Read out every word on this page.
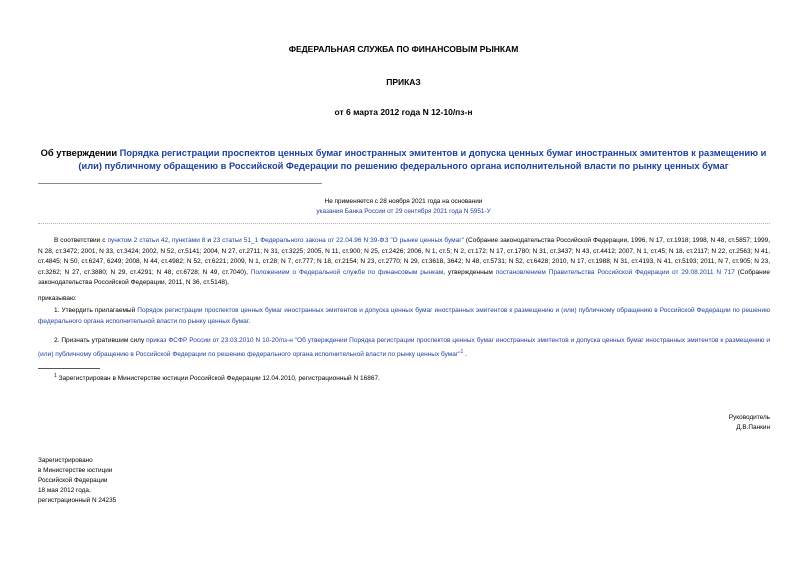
ФЕДЕРАЛЬНАЯ СЛУЖБА ПО ФИНАНСОВЫМ РЫНКАМ
ПРИКАЗ
от 6 марта 2012 года N 12-10/пз-н
Об утверждении Порядка регистрации проспектов ценных бумаг иностранных эмитентов и допуска ценных бумаг иностранных эмитентов к размещению и (или) публичному обращению в Российской Федерации по решению федерального органа исполнительной власти по рынку ценных бумаг
Не применяется с 28 ноября 2021 года на основании
указания Банка России от 29 сентября 2021 года N 5951-У
В соответствии с пунктом 2 статьи 42, пунктами 8 и 23 статьи 51_1 Федерального закона от 22.04.96 N 39-ФЗ "О рынке ценных бумаг" (Собрание законодательства Российской Федерации, 1996, N 17, ст.1918; 1998, N 48, ст.5857; 1999, N 28, ст.3472; 2001, N 33, ст.3424; 2002, N 52, ст.5141; 2004, N 27, ст.2711; N 31, ст.3225; 2005, N 11, ст.900; N 25, ст.2426; 2006, N 1, ст.5; N 2, ст.172; N 17, ст.1780; N 31, ст.3437; N 43, ст.4412; 2007, N 1, ст.45; N 18, ст.2117; N 22, ст.2563; N 41, ст.4845; N 50, ст.6247, 6249; 2008, N 44, ст.4982; N 52, ст.6221; 2009, N 1, ст.28; N 7, ст.777; N 18, ст.2154; N 23, ст.2770; N 29, ст.3618, 3642; N 48, ст.5731; N 52, ст.6428; 2010, N 17, ст.1988; N 31, ст.4193, N 41, ст.5193; 2011, N 7, ст.905; N 23, ст.3262; N 27, ст.3880; N 29, ст.4291; N 48, ст.6728; N 49, ст.7040), Положением о Федеральной службе по финансовым рынкам, утвержденным постановлением Правительства Российской Федерации от 29.08.2011 N 717 (Собрание законодательства Российской Федерации, 2011, N 36, ст.5148),
приказываю:
1. Утвердить прилагаемый Порядок регистрации проспектов ценных бумаг иностранных эмитентов и допуска ценных бумаг иностранных эмитентов к размещению и (или) публичному обращению в Российской Федерации по решению федерального органа исполнительной власти по рынку ценных бумаг.
2. Признать утратившим силу приказ ФСФР России от 23.03.2010 N 10-20/пз-н "Об утверждении Порядка регистрации проспектов ценных бумаг иностранных эмитентов и допуска ценных бумаг иностранных эмитентов к размещению и (или) публичному обращению в Российской Федерации по решению федерального органа исполнительной власти по рынку ценных бумаг"$^1$ .
$^1$ Зарегистрирован в Министерстве юстиции Российской Федерации 12.04.2010, регистрационный N 16867.
Руководитель
Д.В.Панкин
Зарегистрировано
в Министерстве юстиции
Российской Федерации
18 мая 2012 года,
регистрационный N 24235
